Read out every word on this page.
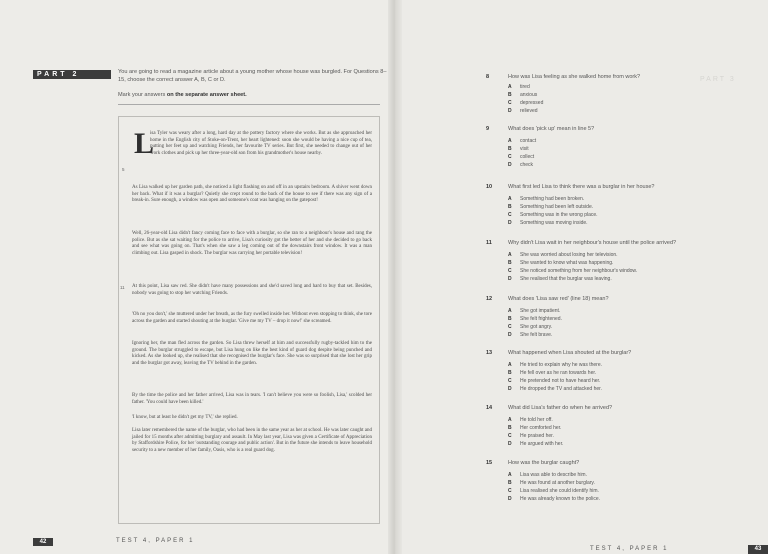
PART 2	You are going to read a magazine article about a young mother whose house was burgled. For Questions 8–15, choose the correct answer A, B, C or D.
Mark your answers on the separate answer sheet.
L
isa Tyler was weary after a long, hard day at the pottery factory where she works. But as she approached her home in the English city of Stoke-on-Trent, her heart lightened: soon she would be having a nice cup of tea, putting her feet up and watching Friends, her favourite TV series. But first, she needed to change out of her work clothes and pick up her three-year-old son from his grandmother's house nearby.
As Lisa walked up her garden path, she noticed a light flashing on and off in an upstairs bedroom. A shiver went down her back. What if it was a burglar? Quietly she crept round to the back of the house to see if there was any sign of a break-in. Sure enough, a window was open and someone's coat was hanging on the gatepost!
Well, 26-year-old Lisa didn't fancy coming face to face with a burglar, so she ran to a neighbour's house and rang the police. But as she sat waiting for the police to arrive, Lisa's curiosity got the better of her and she decided to go back and see what was going on. That's when she saw a leg coming out of the downstairs front window. It was a man climbing out. Lisa gasped in shock. The burglar was carrying her portable television!
At this point, Lisa saw red. She didn't have many possessions and she'd saved long and hard to buy that set. Besides, nobody was going to stop her watching Friends.
'Oh no you don't,' she muttered under her breath, as the fury swelled inside her. Without even stopping to think, she tore across the garden and started shouting at the burglar. 'Give me my TV – drop it now!' she screamed.
Ignoring her, the man fled across the garden. So Lisa threw herself at him and successfully rugby-tackled him to the ground. The burglar struggled to escape, but Lisa hung on like the best kind of guard dog despite being punched and kicked. As she looked up, she realised that she recognised the burglar's face. She was so surprised that she lost her grip and the burglar got away, leaving the TV behind in the garden.
By the time the police and her father arrived, Lisa was in tears. 'I can't believe you were so foolish, Lisa,' scolded her father. 'You could have been killed.'
'I know, but at least he didn't get my TV,' she replied.
Lisa later remembered the name of the burglar, who had been in the same year as her at school. He was later caught and jailed for 15 months after admitting burglary and assault. In May last year, Lisa was given a Certificate of Appreciation by Staffordshire Police, for her 'outstanding courage and public action'. But in the future she intends to leave household security to a new member of her family, Oasis, who is a real guard dog.
5
11
42	TEST 4, PAPER 1
PART 3
8	How was Lisa feeling as she walked home from work?
A tired
B anxious
C depressed
D relieved
9	What does 'pick up' mean in line 5?
A contact
B visit
C collect
D check
10	What first led Lisa to think there was a burglar in her house?
A Something had been broken.
B Something had been left outside.
C Something was in the wrong place.
D Something was moving inside.
11	Why didn't Lisa wait in her neighbour's house until the police arrived?
A She was worried about losing her television.
B She wanted to know what was happening.
C She noticed something from her neighbour's window.
D She realised that the burglar was leaving.
12	What does 'Lisa saw red' (line 18) mean?
A She got impatient.
B She felt frightened.
C She got angry.
D She felt brave.
13	What happened when Lisa shouted at the burglar?
A He tried to explain why he was there.
B He fell over as he ran towards her.
C He pretended not to have heard her.
D He dropped the TV and attacked her.
14	What did Lisa's father do when he arrived?
A He told her off.
B Her comforted her.
C He praised her.
D He argued with her.
15	How was the burglar caught?
A Lisa was able to describe him.
B He was found at another burglary.
C Lisa realised she could identify him.
D He was already known to the police.
TEST 4, PAPER 1	43
